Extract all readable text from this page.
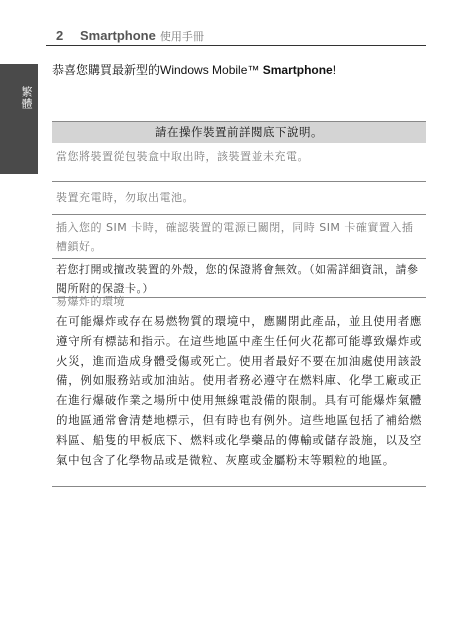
2 Smartphone 使用手冊
繁體
恭喜您購買最新型的Windows Mobile™ Smartphone!
請在操作裝置前詳閱底下說明。
當您將裝置從包裝盒中取出時，該裝置並未充電。
裝置充電時，勿取出電池。
插入您的 SIM 卡時，確認裝置的電源已關閉，同時 SIM 卡確實置入插槽鎖好。
若您打開或擅改裝置的外殼，您的保證將會無效。（如需詳細資訊，請參閱所附的保證卡。）
易爆炸的環境
在可能爆炸或存在易燃物質的環境中，應關閉此產品，並且使用者應遵守所有標誌和指示。在這些地區中產生任何火花都可能導致爆炸或火災，進而造成身體受傷或死亡。使用者最好不要在加油處使用該設備，例如服務站或加油站。使用者務必遵守在燃料庫、化學工廠或正在進行爆破作業之場所中使用無線電設備的限制。具有可能爆炸氣體的地區通常會清楚地標示，但有時也有例外。這些地區包括了補給燃料區、船隻的甲板底下、燃料或化學藥品的傳輸或儲存設施，以及空氣中包含了化學物品或是微粒、灰塵或金屬粉末等顆粒的地區。
